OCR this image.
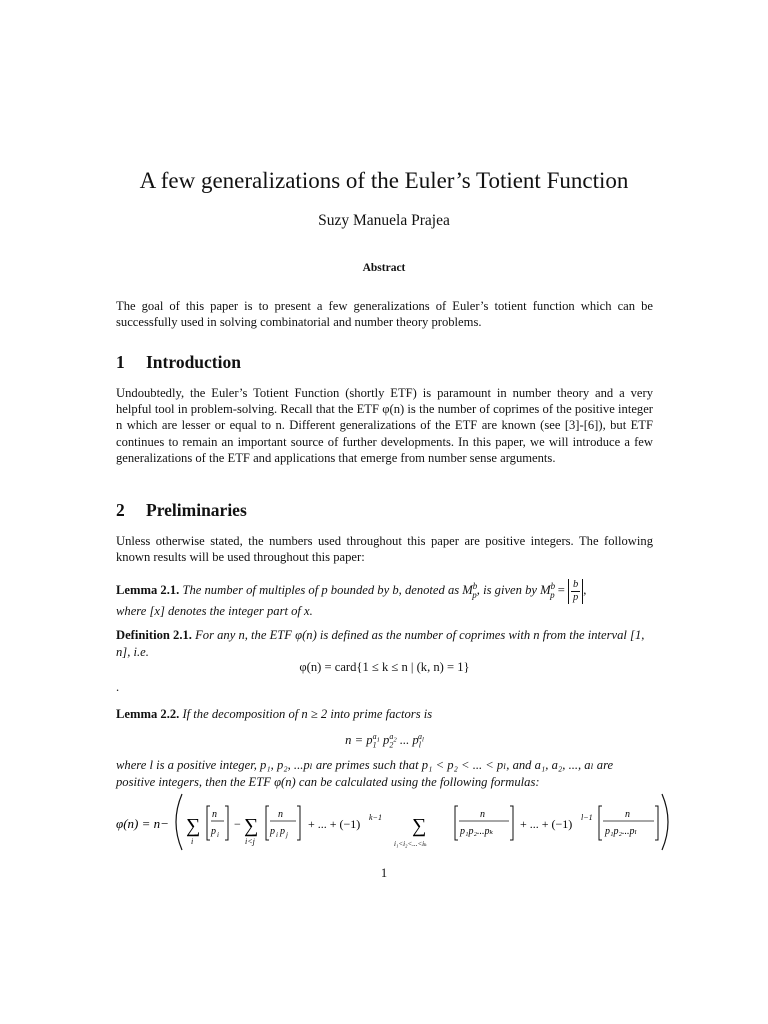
A few generalizations of the Euler’s Totient Function
Suzy Manuela Prajea
Abstract
The goal of this paper is to present a few generalizations of Euler’s totient function which can be successfully used in solving combinatorial and number theory problems.
1 Introduction
Undoubtedly, the Euler’s Totient Function (shortly ETF) is paramount in number theory and a very helpful tool in problem-solving. Recall that the ETF φ(n) is the number of coprimes of the positive integer n which are lesser or equal to n. Different generalizations of the ETF are known (see [3]-[6]), but ETF continues to remain an important source of further developments. In this paper, we will introduce a few generalizations of the ETF and applications that emerge from number sense arguments.
2 Preliminaries
Unless otherwise stated, the numbers used throughout this paper are positive integers. The following known results will be used throughout this paper:
Lemma 2.1. The number of multiples of p bounded by b, denoted as $M^b_p$, is given by $M^b_p = \frac{b}{p}$ ,
where [x] denotes the integer part of x.
Definition 2.1. For any n, the ETF φ(n) is defined as the number of coprimes with n from the interval [1, n], i.e.
φ(n) = card{1 ≤ k ≤ n | (k, n) = 1}
.
Lemma 2.2. If the decomposition of n ≥ 2 into prime factors is
$n = p_1^{a_1}$ $p_2^{a_2}$ ... $p_l^{a_l}$
where l is a positive integer, p₁, p₂, ...pₗ are primes such that p₁ < p₂ < ... < pₗ, and a₁, a₂, ..., aₗ are positive integers, then the ETF φ(n) can be calculated using the following formulas:
φ(n) = n− ∑
i
n
p i
− ∑
i<j
n
p i p j
+ ... + (−1) k−1 ∑
i₁<i₂<...<iₖ
n
p₁p₂...pₖ
+ ... + (−1) l−1	n
p₁p₂...pₗ
1
